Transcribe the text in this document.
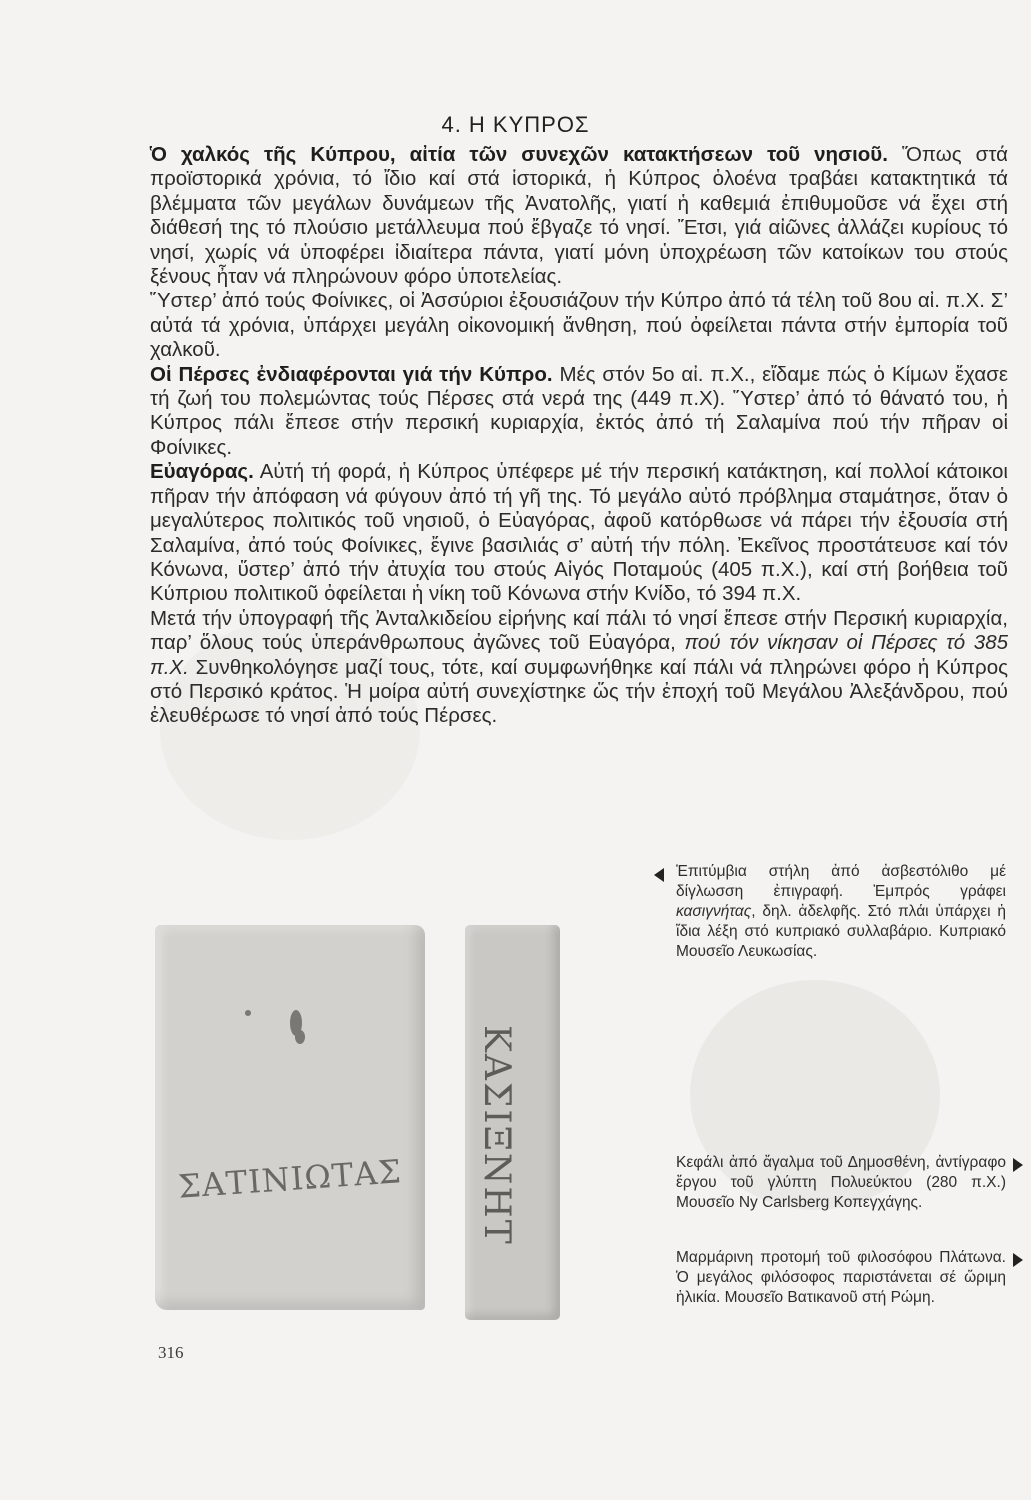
4. Η ΚΥΠΡΟΣ

Ὁ χαλκός τῆς Κύπρου, αἰτία τῶν συνεχῶν κατακτήσεων τοῦ νησιοῦ. Ὅπως στά προϊστορικά χρόνια, τό ἴδιο καί στά ἱστορικά, ἡ Κύπρος ὁλοένα τραβάει κατακτητικά τά βλέμματα τῶν μεγάλων δυνάμεων τῆς Ἀνατολῆς, γιατί ἡ καθεμιά ἐπιθυμοῦσε νά ἔχει στή διάθεσή της τό πλούσιο μετάλλευμα πού ἔβγαζε τό νησί. Ἔτσι, γιά αἰῶνες ἀλλάζει κυρίους τό νησί, χωρίς νά ὑποφέρει ἰδιαίτερα πάντα, γιατί μόνη ὑποχρέωση τῶν κατοίκων του στούς ξένους ἦταν νά πληρώνουν φόρο ὑποτελείας.

Ὕστερ’ ἀπό τούς Φοίνικες, οἱ Ἀσσύριοι ἐξουσιάζουν τήν Κύπρο ἀπό τά τέλη τοῦ 8ου αἰ. π.Χ. Σ’ αὐτά τά χρόνια, ὑπάρχει μεγάλη οἰκονομική ἄνθηση, πού ὀφείλεται πάντα στήν ἐμπορία τοῦ χαλκοῦ.

Οἱ Πέρσες ἐνδιαφέρονται γιά τήν Κύπρο. Μές στόν 5ο αἰ. π.Χ., εἴδαμε πώς ὁ Κίμων ἔχασε τή ζωή του πολεμώντας τούς Πέρσες στά νερά της (449 π.Χ). Ὕστερ’ ἀπό τό θάνατό του, ἡ Κύπρος πάλι ἔπεσε στήν περσική κυριαρχία, ἐκτός ἀπό τή Σαλαμίνα πού τήν πῆραν οἱ Φοίνικες.

Εὐαγόρας. Αὐτή τή φορά, ἡ Κύπρος ὑπέφερε μέ τήν περσική κατάκτηση, καί πολλοί κάτοικοι πῆραν τήν ἀπόφαση νά φύγουν ἀπό τή γῆ της. Τό μεγάλο αὐτό πρόβλημα σταμάτησε, ὅταν ὁ μεγαλύτερος πολιτικός τοῦ νησιοῦ, ὁ Εὐαγόρας, ἀφοῦ κατόρθωσε νά πάρει τήν ἐξουσία στή Σαλαμίνα, ἀπό τούς Φοίνικες, ἔγινε βασιλιάς σ’ αὐτή τήν πόλη. Ἐκεῖνος προστάτευσε καί τόν Κόνωνα, ὕστερ’ ἀπό τήν ἀτυχία του στούς Αἰγός Ποταμούς (405 π.Χ.), καί στή βοήθεια τοῦ Κύπριου πολιτικοῦ ὀφείλεται ἡ νίκη τοῦ Κόνωνα στήν Κνίδο, τό 394 π.Χ.

Μετά τήν ὑπογραφή τῆς Ἀνταλκιδείου εἰρήνης καί πάλι τό νησί ἔπεσε στήν Περσική κυριαρχία, παρ’ ὅλους τούς ὑπεράνθρωπους ἀγῶνες τοῦ Εὐαγόρα, πού τόν νίκησαν οἱ Πέρσες τό 385 π.Χ. Συνθηκολόγησε μαζί τους, τότε, καί συμφωνήθηκε καί πάλι νά πληρώνει φόρο ἡ Κύπρος στό Περσικό κράτος. Ἡ μοίρα αὐτή συνεχίστηκε ὥς τήν ἐποχή τοῦ Μεγάλου Ἀλεξάνδρου, πού ἐλευθέρωσε τό νησί ἀπό τούς Πέρσες.

ΣΑΤΙΝΙΩΤΑΣ ΚΑΣΙΞΝΗΤ
Ἐπιτύμβια στήλη ἀπό ἀσβεστόλιθο μέ δίγλωσση ἐπιγραφή. Ἐμπρός γράφει κασιγνήτας, δηλ. ἀδελφῆς. Στό πλάι ὑπάρχει ἡ ἴδια λέξη στό κυπριακό συλλαβάριο. Κυπριακό Μουσεῖο Λευκωσίας.
Κεφάλι ἀπό ἄγαλμα τοῦ Δημοσθένη, ἀντίγραφο ἔργου τοῦ γλύπτη Πολυεύκτου (280 π.Χ.) Μουσεῖο Ny Carlsberg Κοπεγχάγης.
Μαρμάρινη προτομή τοῦ φιλοσόφου Πλάτωνα. Ὁ μεγάλος φιλόσοφος παριστάνεται σέ ὥριμη ἡλικία. Μουσεῖο Βατικανοῦ στή Ρώμη.
316
